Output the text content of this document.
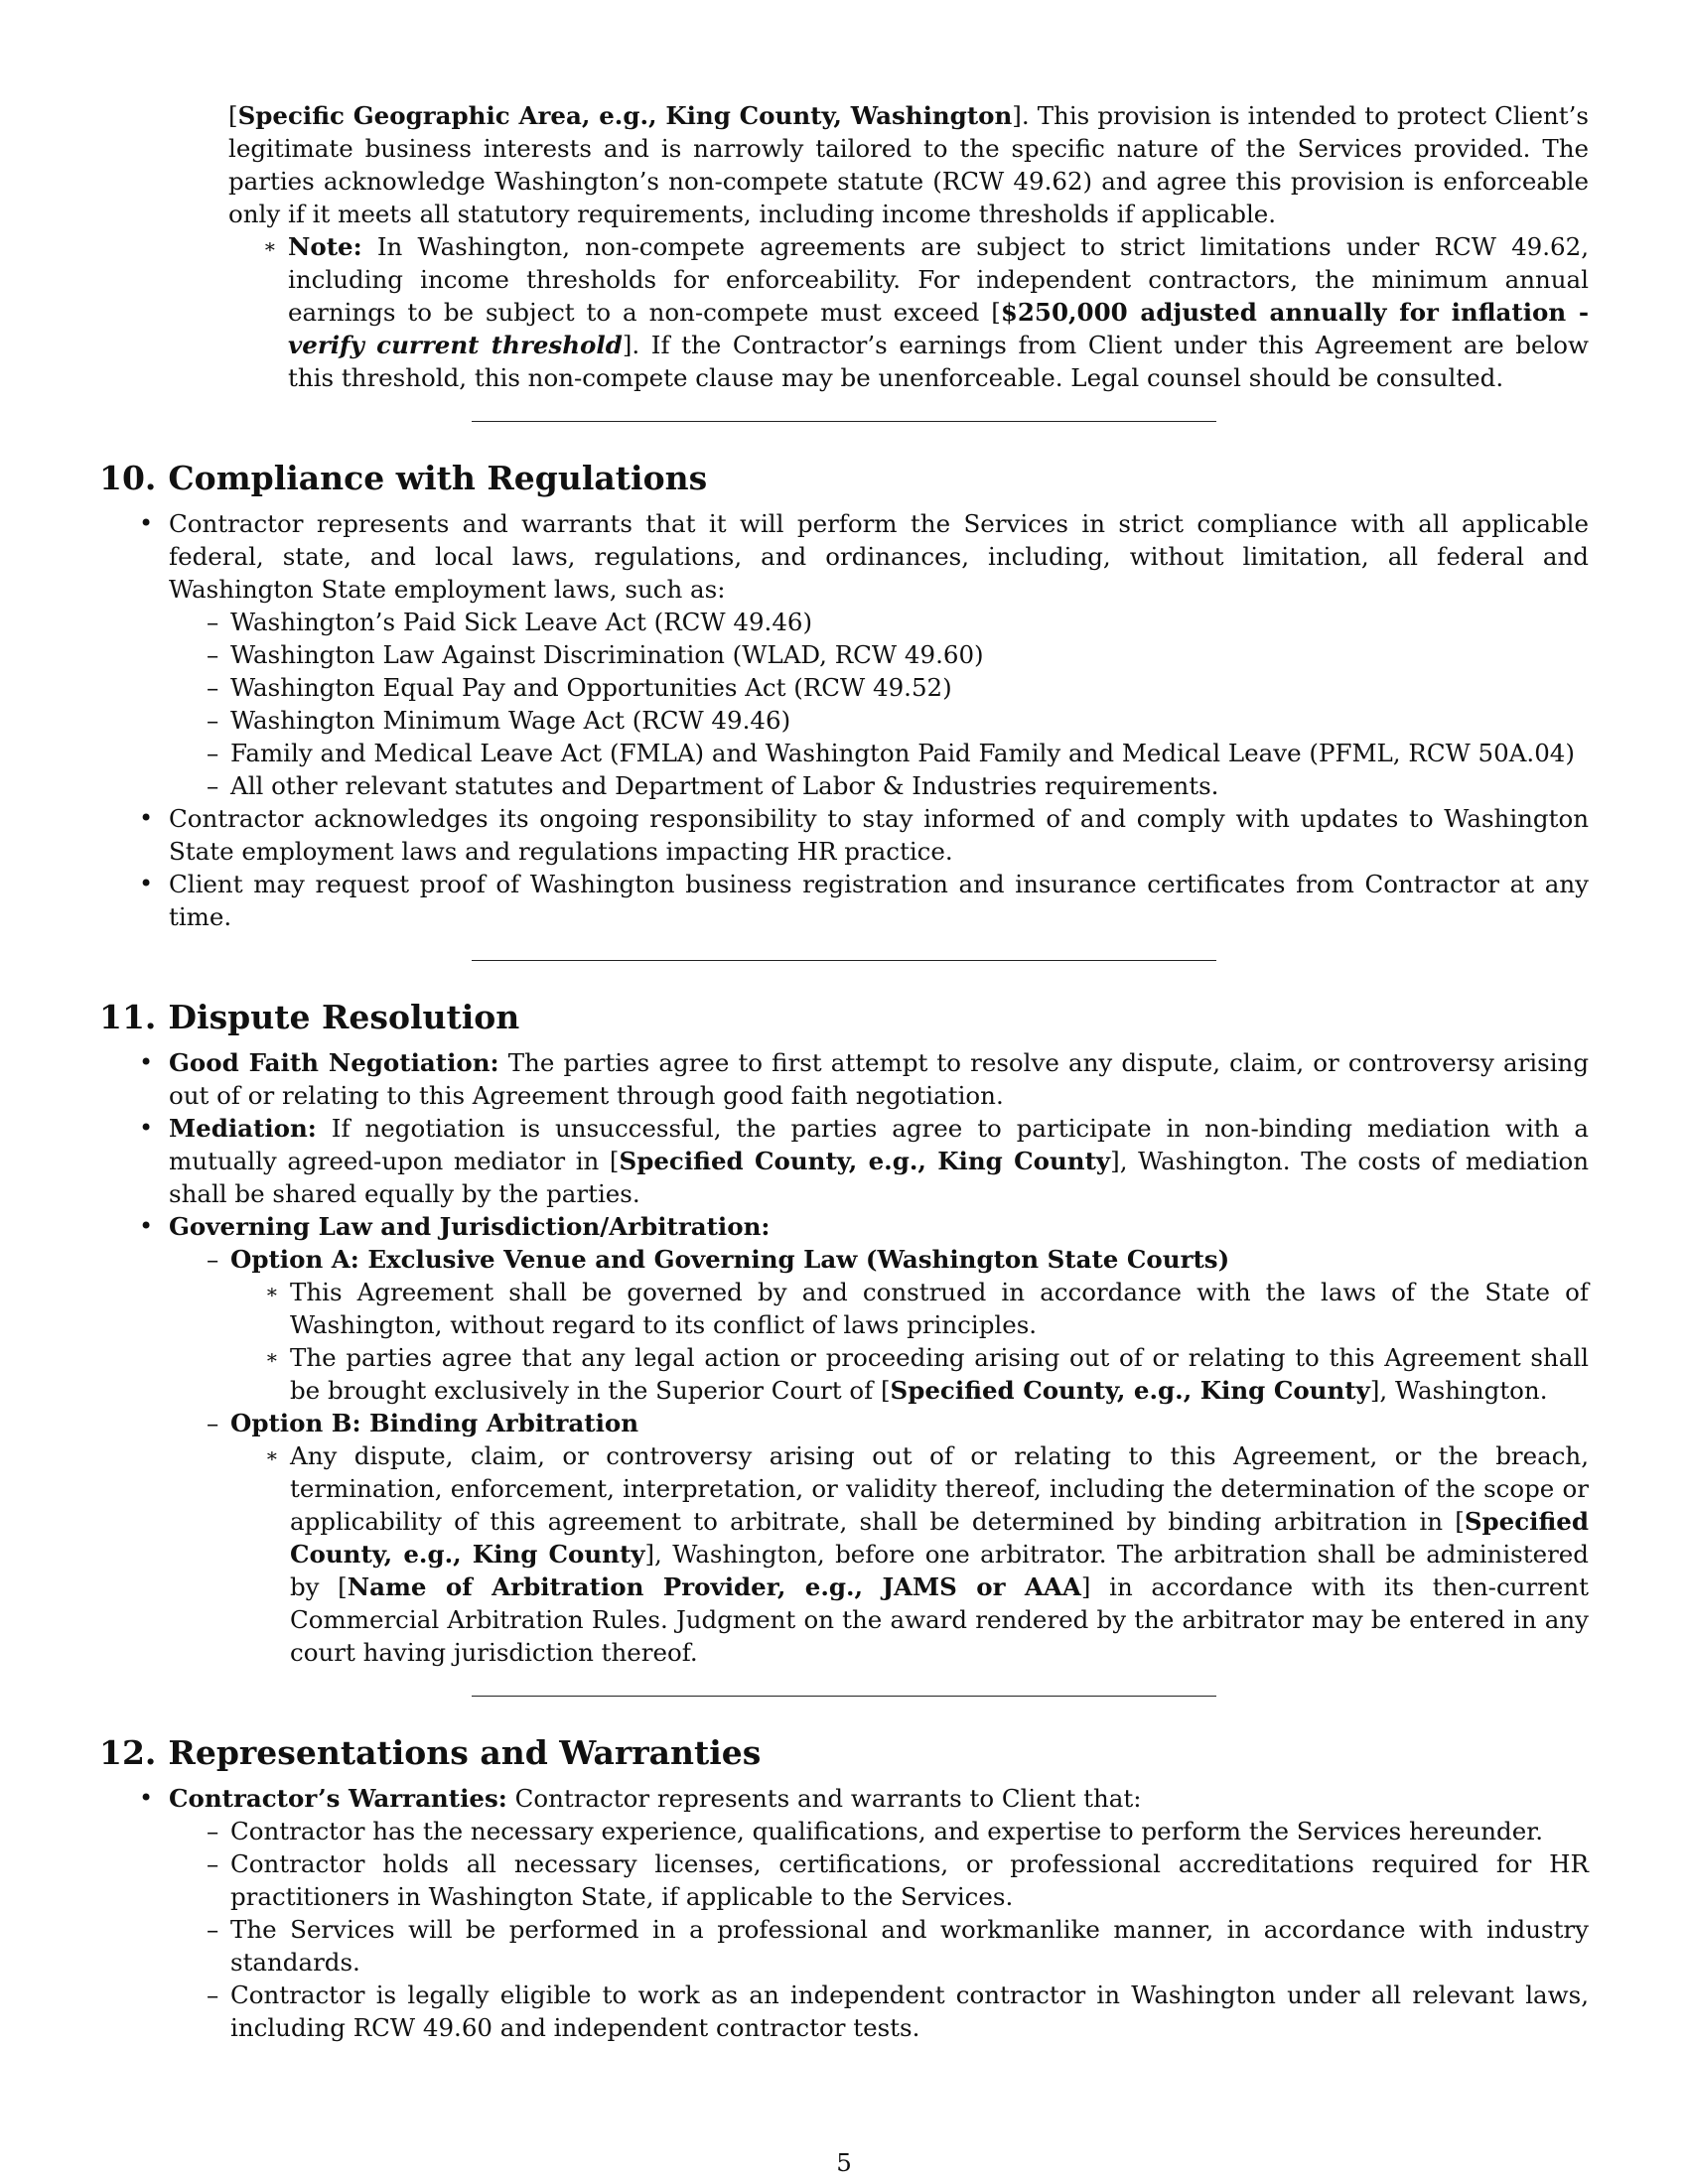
[Specific Geographic Area, e.g., King County, Washington]. This provision is intended to protect Client’s legitimate business interests and is narrowly tailored to the specific nature of the Services provided. The parties acknowledge Washington’s non-compete statute (RCW 49.62) and agree this provision is enforceable only if it meets all statutory requirements, including income thresholds if applicable.

∗ Note: In Washington, non-compete agreements are subject to strict limitations under RCW 49.62, including income thresholds for enforceability. For independent contractors, the minimum annual earnings to be subject to a non-compete must exceed [$250,000 adjusted annually for inflation - verify current threshold]. If the Contractor’s earnings from Client under this Agreement are below this threshold, this non-compete clause may be unenforceable. Legal counsel should be consulted.
10. Compliance with Regulations
• Contractor represents and warrants that it will perform the Services in strict compliance with all applicable federal, state, and local laws, regulations, and ordinances, including, without limitation, all federal and Washington State employment laws, such as:
– Washington’s Paid Sick Leave Act (RCW 49.46)
– Washington Law Against Discrimination (WLAD, RCW 49.60)
– Washington Equal Pay and Opportunities Act (RCW 49.52)
– Washington Minimum Wage Act (RCW 49.46)
– Family and Medical Leave Act (FMLA) and Washington Paid Family and Medical Leave (PFML, RCW 50A.04)
– All other relevant statutes and Department of Labor & Industries requirements.
• Contractor acknowledges its ongoing responsibility to stay informed of and comply with updates to Washington State employment laws and regulations impacting HR practice.
• Client may request proof of Washington business registration and insurance certificates from Contractor at any time.
11. Dispute Resolution
• Good Faith Negotiation: The parties agree to first attempt to resolve any dispute, claim, or controversy arising out of or relating to this Agreement through good faith negotiation.
• Mediation: If negotiation is unsuccessful, the parties agree to participate in non-binding mediation with a mutually agreed-upon mediator in [Specified County, e.g., King County], Washington. The costs of mediation shall be shared equally by the parties.
• Governing Law and Jurisdiction/Arbitration:
– Option A: Exclusive Venue and Governing Law (Washington State Courts)
∗ This Agreement shall be governed by and construed in accordance with the laws of the State of Washington, without regard to its conflict of laws principles.
∗ The parties agree that any legal action or proceeding arising out of or relating to this Agreement shall be brought exclusively in the Superior Court of [Specified County, e.g., King County], Washington.
– Option B: Binding Arbitration
∗ Any dispute, claim, or controversy arising out of or relating to this Agreement, or the breach, termination, enforcement, interpretation, or validity thereof, including the determination of the scope or applicability of this agreement to arbitrate, shall be determined by binding arbitration in [Specified County, e.g., King County], Washington, before one arbitrator. The arbitration shall be administered by [Name of Arbitration Provider, e.g., JAMS or AAA] in accordance with its then-current Commercial Arbitration Rules. Judgment on the award rendered by the arbitrator may be entered in any court having jurisdiction thereof.
12. Representations and Warranties
• Contractor’s Warranties: Contractor represents and warrants to Client that:
– Contractor has the necessary experience, qualifications, and expertise to perform the Services hereunder.
– Contractor holds all necessary licenses, certifications, or professional accreditations required for HR practitioners in Washington State, if applicable to the Services.
– The Services will be performed in a professional and workmanlike manner, in accordance with industry standards.
– Contractor is legally eligible to work as an independent contractor in Washington under all relevant laws, including RCW 49.60 and independent contractor tests.
5
